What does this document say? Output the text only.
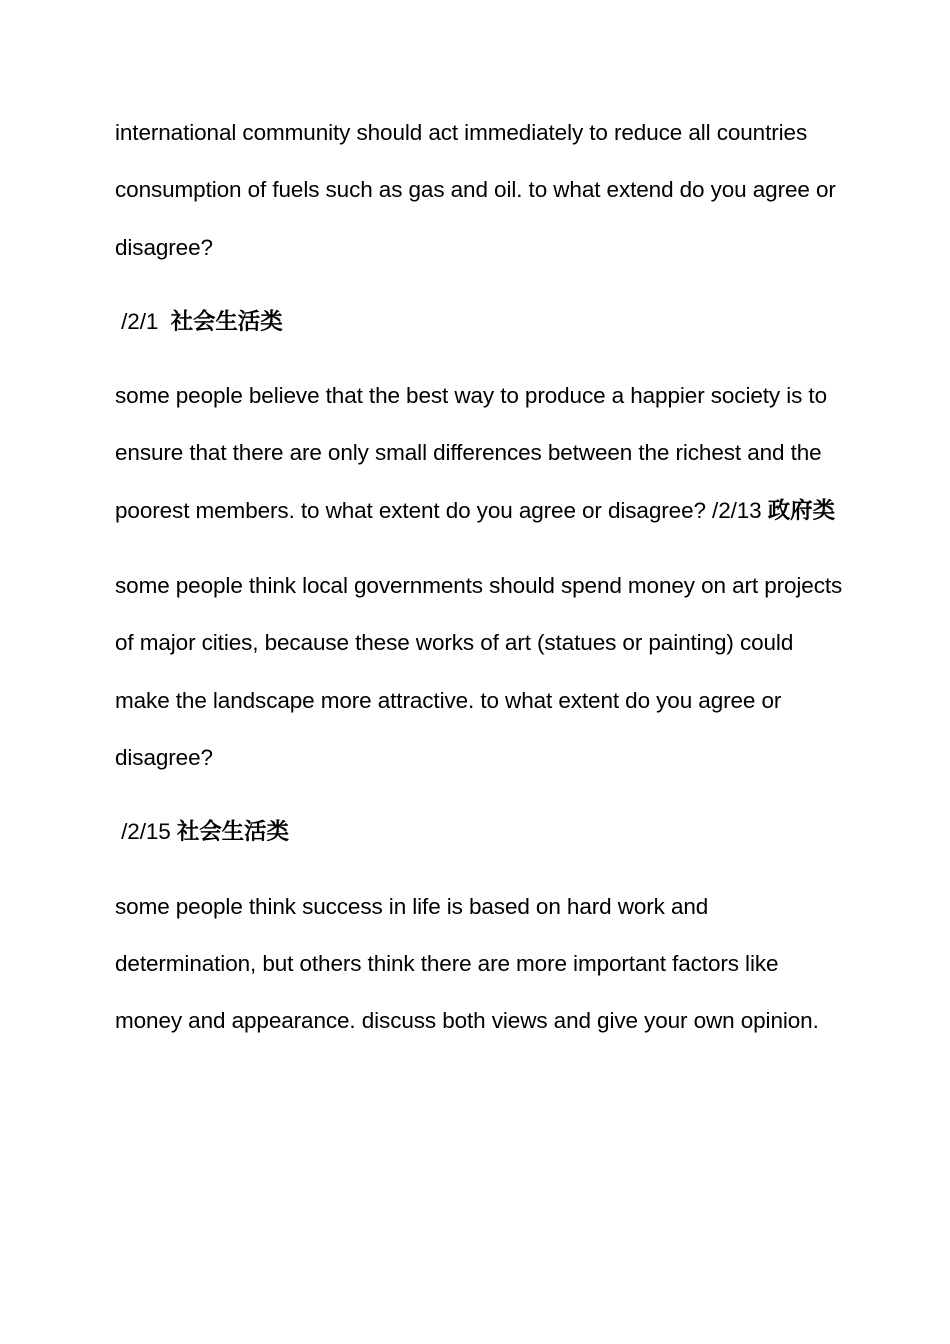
international community should act immediately to reduce all countries consumption of fuels such as gas and oil. to what extend do you agree or disagree?

/2/1  社会生活类

some people believe that the best way to produce a happier society is to ensure that there are only small differences between the richest and the poorest members. to what extent do you agree or disagree? /2/13 政府类

some people think local governments should spend money on art projects of major cities, because these works of art (statues or painting) could make the landscape more attractive. to what extent do you agree or disagree?

/2/15 社会生活类

some people think success in life is based on hard work and determination, but others think there are more important factors like money and appearance. discuss both views and give your own opinion.
